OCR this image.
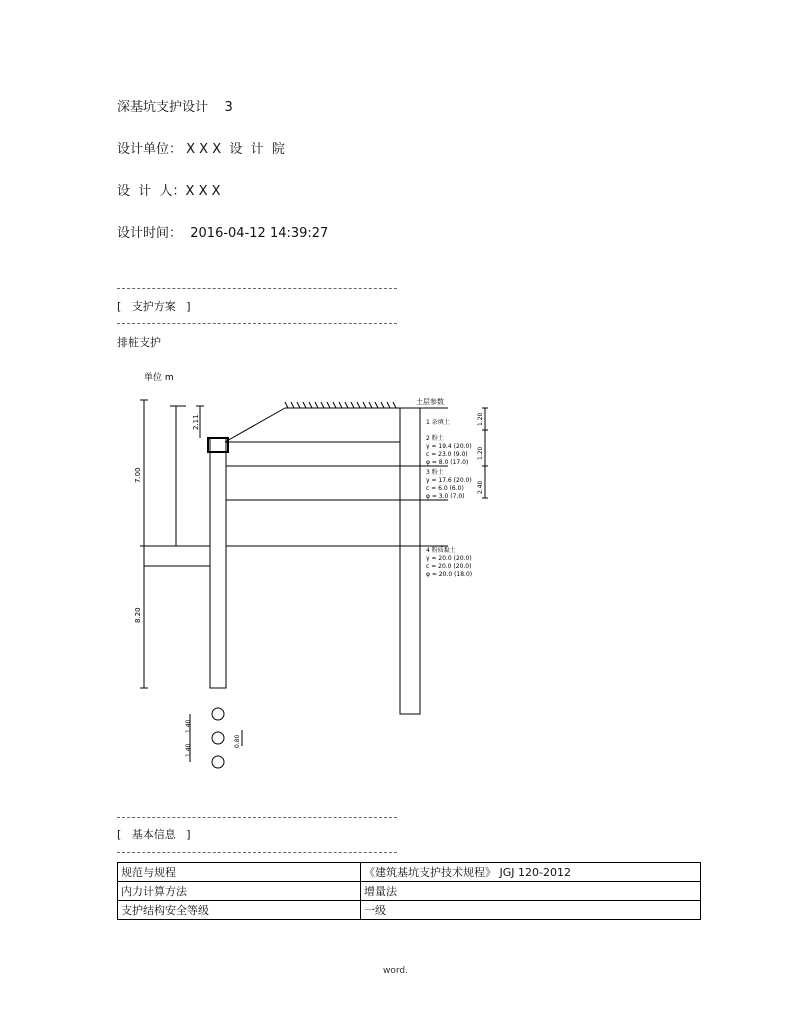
深基坑支护设计    3
设计单位： X X X  设  计  院
设  计  人：X X X
设计时间：  2016-04-12 14:39:27
[   支护方案   ]
排桩支护
单位 m
7.00
8.20
2.11
土层参数
1.20
1.20
2.40
1 杂填土
2 粉土
γ = 19.4 (20.0)
c = 23.0 (9.0)
φ = 8.0 (17.0)
3 粉土
γ = 17.6 (20.0)
c = 6.0 (6.0)
φ = 3.0 (7.0)
4 粉质黏土
γ = 20.0 (20.0)
c = 20.0 (20.0)
φ = 20.0 (18.0)
1.40
1.40
0.80
[   基本信息   ]
规范与规程	《建筑基坑支护技术规程》 JGJ 120-2012
内力计算方法	增量法
支护结构安全等级	一级
word.
